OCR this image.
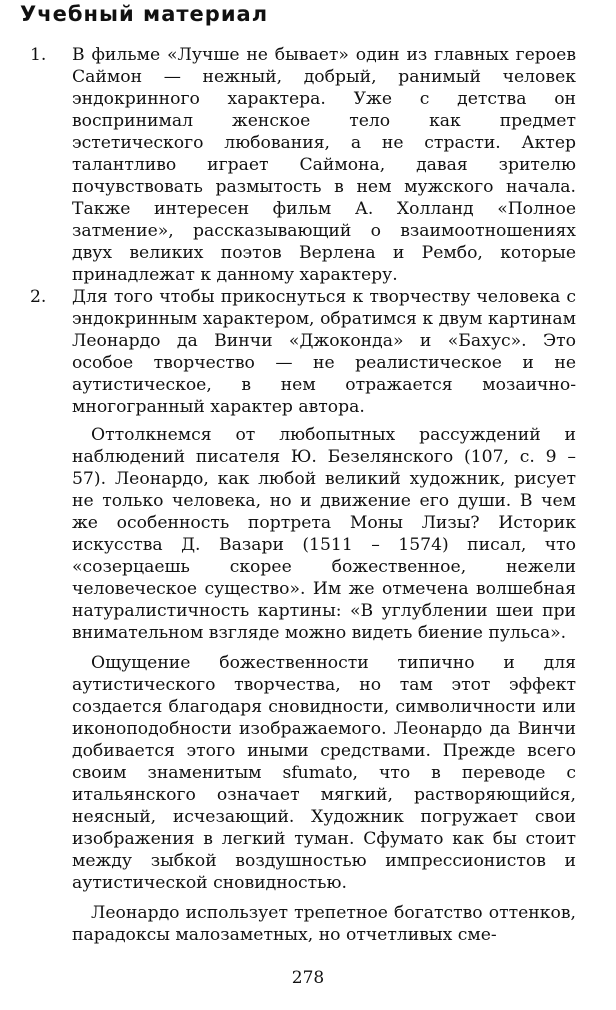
Учебный материал
1. В фильме «Лучше не бывает» один из главных героев Саймон — нежный, добрый, ранимый человек эндокринного характера. Уже с детства он воспринимал женское тело как предмет эстетического любования, а не страсти. Актер талантливо играет Саймона, давая зрителю почувствовать размытость в нем мужского начала. Также интересен фильм А. Холланд «Полное затмение», рассказывающий о взаимоотношениях двух великих поэтов Верлена и Рембо, которые принадлежат к данному характеру.
2. Для того чтобы прикоснуться к творчеству человека с эндокринным характером, обратимся к двум картинам Леонардо да Винчи «Джоконда» и «Бахус». Это особое творчество — не реалистическое и не аутистическое, в нем отражается мозаично-многогранный характер автора.

Оттолкнемся от любопытных рассуждений и наблюдений писателя Ю. Безелянского (107, с. 9 – 57). Леонардо, как любой великий художник, рисует не только человека, но и движение его души. В чем же особенность портрета Моны Лизы? Историк искусства Д. Вазари (1511 – 1574) писал, что «созерцаешь скорее божественное, нежели человеческое существо». Им же отмечена волшебная натуралистичность картины: «В углублении шеи при внимательном взгляде можно видеть биение пульса».

Ощущение божественности типично и для аутистического творчества, но там этот эффект создается благодаря сновидности, символичности или иконоподобности изображаемого. Леонардо да Винчи добивается этого иными средствами. Прежде всего своим знаменитым sfumato, что в переводе с итальянского означает мягкий, растворяющийся, неясный, исчезающий. Художник погружает свои изображения в легкий туман. Сфумато как бы стоит между зыбкой воздушностью импрессионистов и аутистической сновидностью.

Леонардо использует трепетное богатство оттенков, парадоксы малозаметных, но отчетливых сме-

278
